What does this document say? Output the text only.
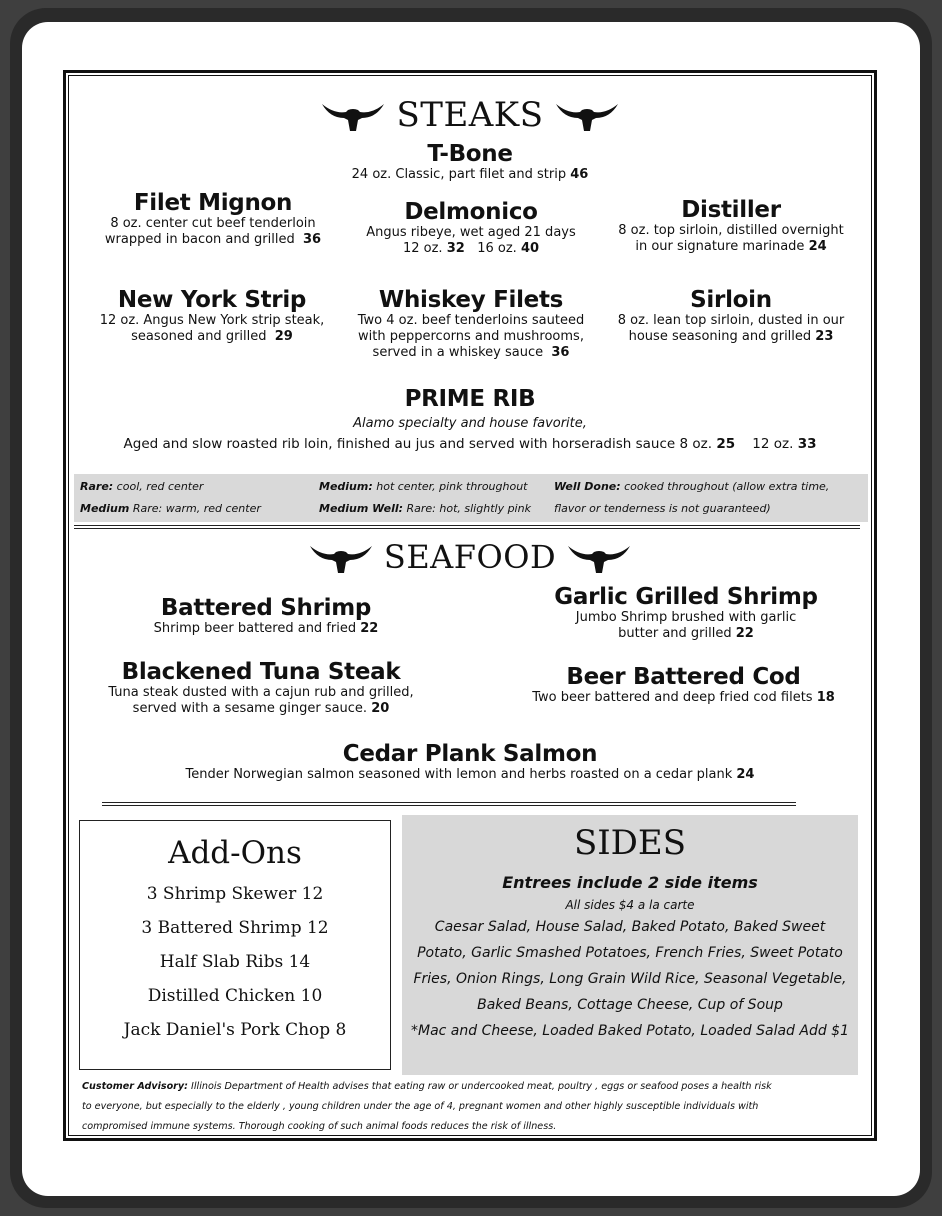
STEAKS
T-Bone
24 oz. Classic, part filet and strip 46
Filet Mignon
8 oz. center cut beef tenderloin
wrapped in bacon and grilled 36
Delmonico
Angus ribeye, wet aged 21 days
12 oz. 32 16 oz. 40
Distiller
8 oz. top sirloin, distilled overnight
in our signature marinade 24
New York Strip
12 oz. Angus New York strip steak,
seasoned and grilled 29
Whiskey Filets
Two 4 oz. beef tenderloins sauteed
with peppercorns and mushrooms,
served in a whiskey sauce 36
Sirloin
8 oz. lean top sirloin, dusted in our
house seasoning and grilled 23
PRIME RIB
Alamo specialty and house favorite,
Aged and slow roasted rib loin, finished au jus and served with horseradish sauce 8 oz. 25 12 oz. 33
Rare: cool, red center
Medium Rare: warm, red center
Medium: hot center, pink throughout
Medium Well: Rare: hot, slightly pink
Well Done: cooked throughout (allow extra time,
flavor or tenderness is not guaranteed)
SEAFOOD
Battered Shrimp
Shrimp beer battered and fried 22
Garlic Grilled Shrimp
Jumbo Shrimp brushed with garlic
butter and grilled 22
Blackened Tuna Steak
Tuna steak dusted with a cajun rub and grilled,
served with a sesame ginger sauce. 20
Beer Battered Cod
Two beer battered and deep fried cod filets 18
Cedar Plank Salmon
Tender Norwegian salmon seasoned with lemon and herbs roasted on a cedar plank 24
Add-Ons
3 Shrimp Skewer 12
3 Battered Shrimp 12
Half Slab Ribs 14
Distilled Chicken 10
Jack Daniel's Pork Chop 8
SIDES
Entrees include 2 side items
All sides $4 a la carte
Caesar Salad, House Salad, Baked Potato, Baked Sweet
Potato, Garlic Smashed Potatoes, French Fries, Sweet Potato
Fries, Onion Rings, Long Grain Wild Rice, Seasonal Vegetable,
Baked Beans, Cottage Cheese, Cup of Soup
*Mac and Cheese, Loaded Baked Potato, Loaded Salad Add $1
Customer Advisory: Illinois Department of Health advises that eating raw or undercooked meat, poultry , eggs or seafood poses a health risk
to everyone, but especially to the elderly , young children under the age of 4, pregnant women and other highly susceptible individuals with
compromised immune systems. Thorough cooking of such animal foods reduces the risk of illness.
